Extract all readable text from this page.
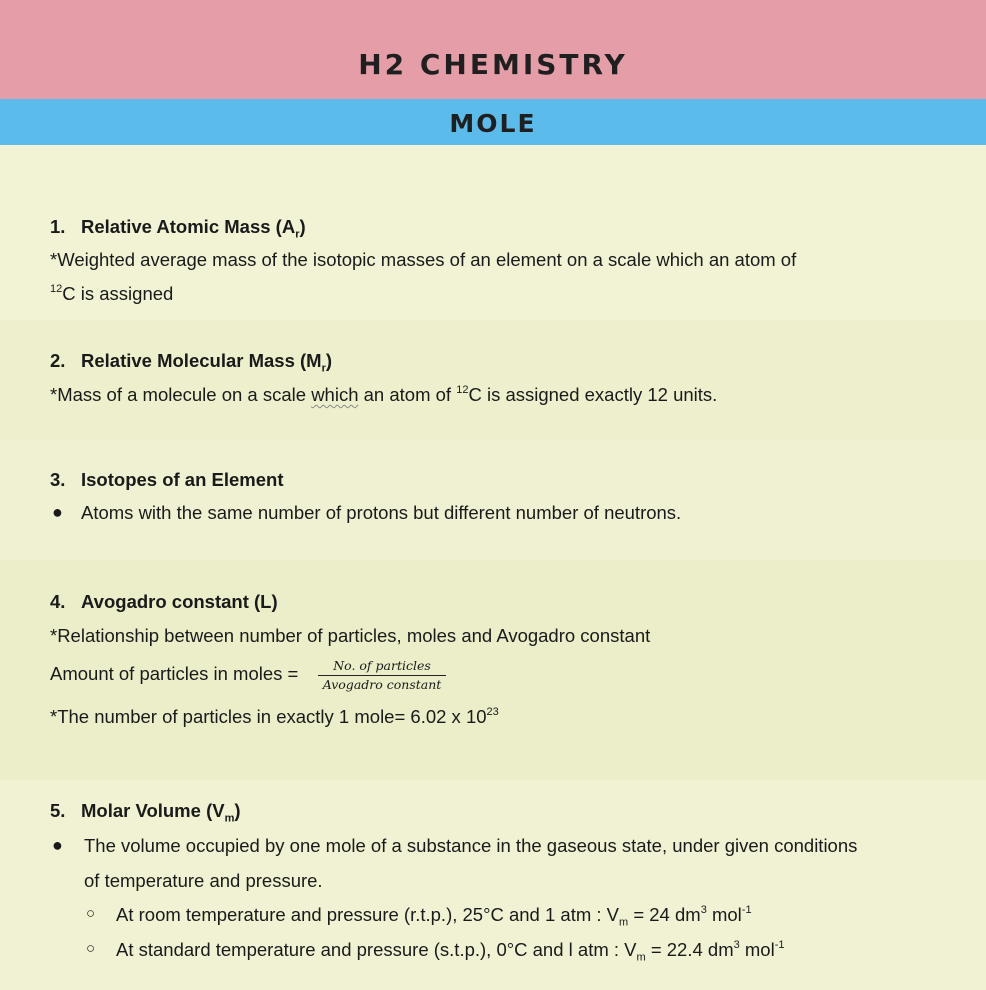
H2 CHEMISTRY
MOLE
1. Relative Atomic Mass $(A_r)$
*Weighted average mass of the isotopic masses of an element on a scale which an atom of
$^{12}$C is assigned
2. Relative Molecular Mass $(M_r)$
*Mass of a molecule on a scale which an atom of $^{12}$C is assigned exactly 12 units.
3. Isotopes of an Element
● Atoms with the same number of protons but different number of neutrons.
4. Avogadro constant (L)
*Relationship between number of particles, moles and Avogadro constant
Amount of particles in moles =	No. of particles
Avogadro constant
*The number of particles in exactly 1 mole= 6.02 x $10^{23}$
5. Molar Volume $(V_m)$
● The volume occupied by one mole of a substance in the gaseous state, under given conditions
of temperature and pressure.
○ At room temperature and pressure (r.t.p.), 25°C and 1 atm : $V_m = 24$ $dm^3$ mol$^{-1}$
○ At standard temperature and pressure (s.t.p.), 0°C and l atm : $V_m = 22.4$ $dm^3$ mol$^{-1}$
